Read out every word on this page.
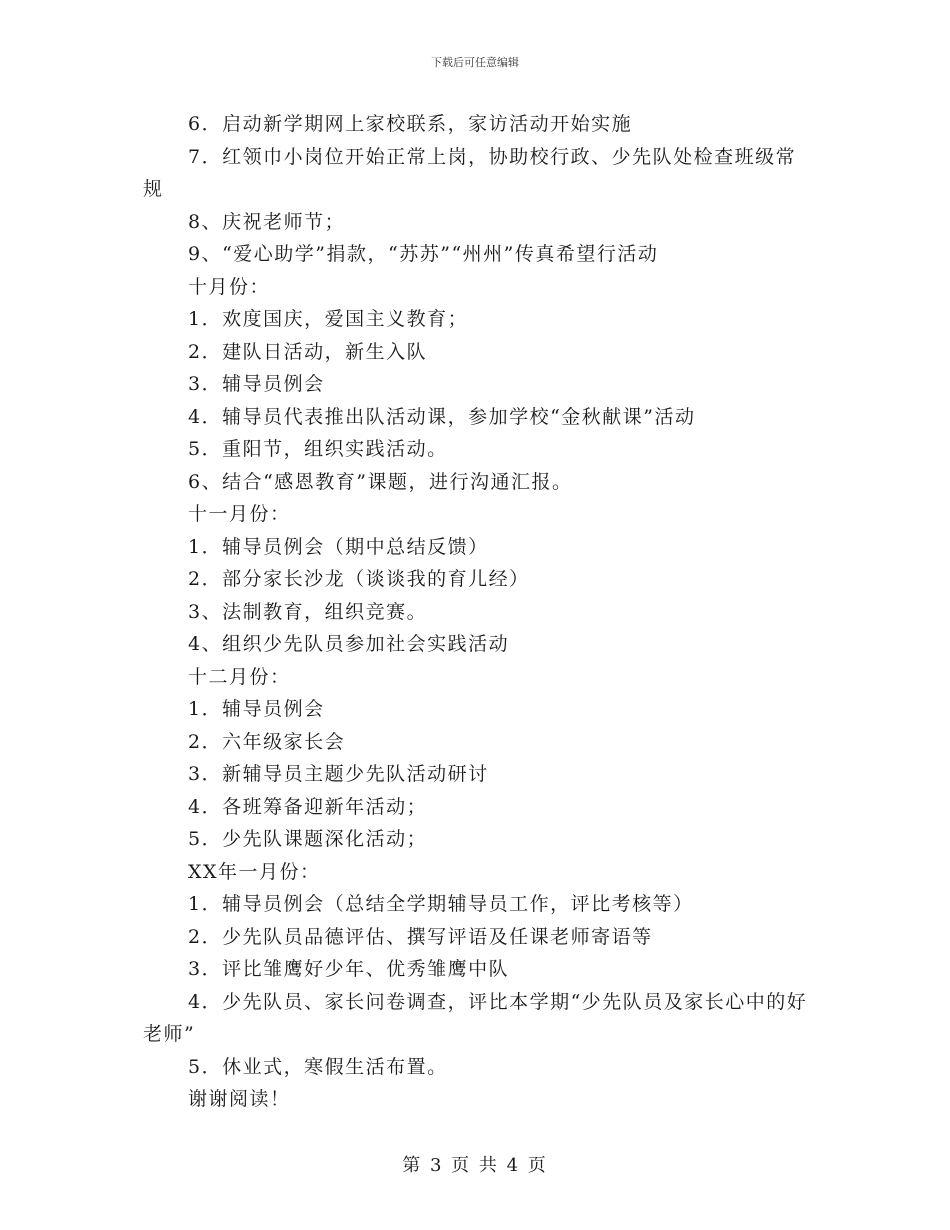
下载后可任意编辑

6．启动新学期网上家校联系，家访活动开始实施

7．红领巾小岗位开始正常上岗，协助校行政、少先队处检查班级常规

8、庆祝老师节；

9、“爱心助学”捐款，“苏苏”“州州”传真希望行活动

十月份：

1．欢度国庆，爱国主义教育；

2．建队日活动，新生入队

3．辅导员例会

4．辅导员代表推出队活动课，参加学校“金秋献课”活动

5．重阳节，组织实践活动。

6、结合“感恩教育”课题，进行沟通汇报。

十一月份：

1．辅导员例会（期中总结反馈）

2．部分家长沙龙（谈谈我的育儿经）

3、法制教育，组织竞赛。

4、组织少先队员参加社会实践活动

十二月份：

1．辅导员例会

2．六年级家长会

3．新辅导员主题少先队活动研讨

4．各班筹备迎新年活动；

5．少先队课题深化活动；

XX年一月份：

1．辅导员例会（总结全学期辅导员工作，评比考核等）

2．少先队员品德评估、撰写评语及任课老师寄语等

3．评比雏鹰好少年、优秀雏鹰中队

4．少先队员、家长问卷调查，评比本学期“少先队员及家长心中的好老师”

5．休业式，寒假生活布置。

谢谢阅读！

第 3 页 共 4 页
